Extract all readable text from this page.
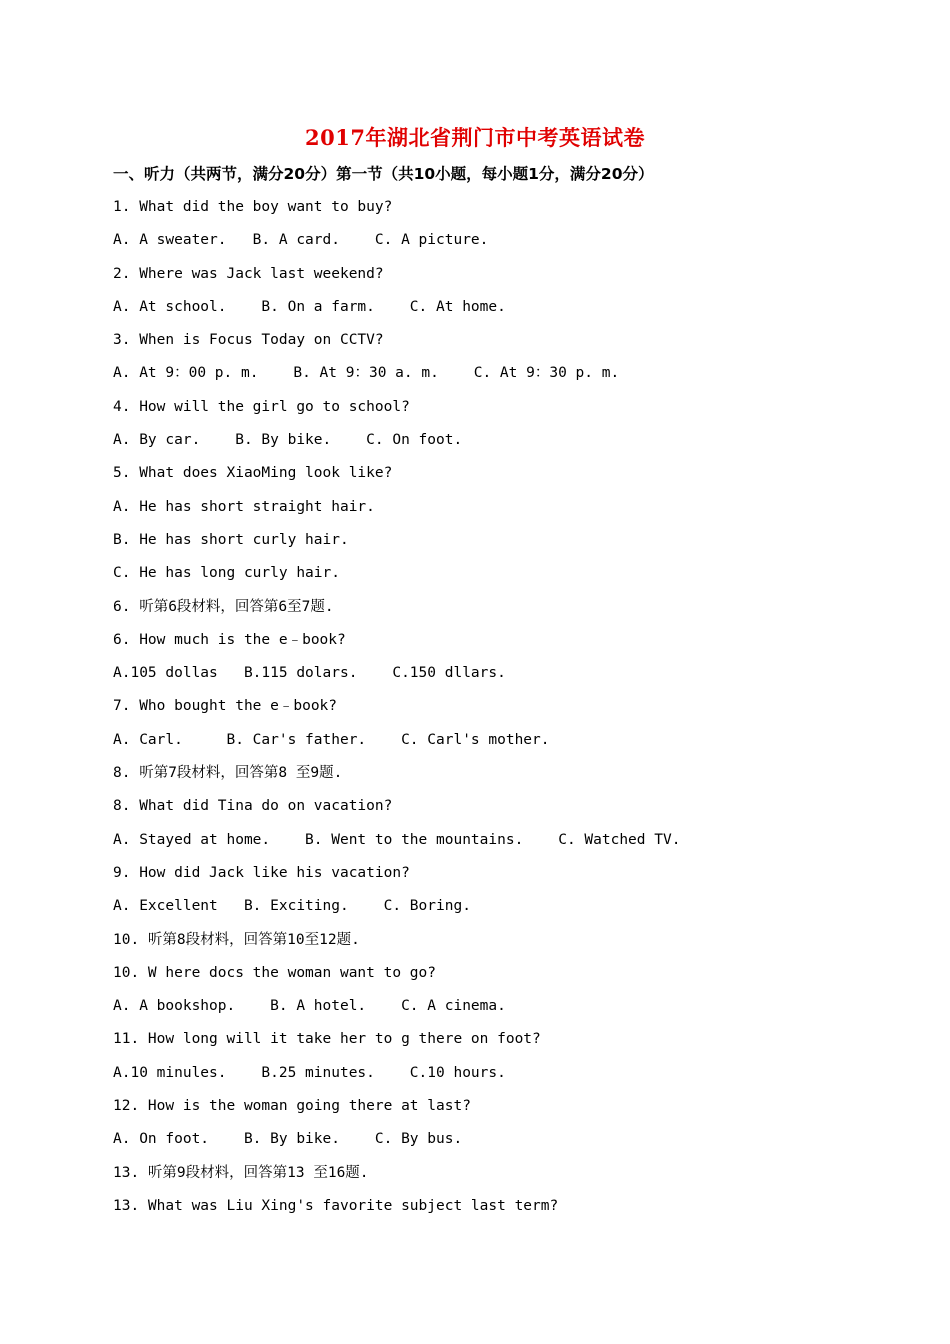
2017年湖北省荆门市中考英语试卷
一、听力（共两节，满分20分）第一节（共10小题，每小题1分，满分20分）
1. What did the boy want to buy?
A. A sweater.   B. A card.    C. A picture.
2. Where was Jack last weekend?
A. At school.    B. On a farm.    C. At home.
3. When is Focus Today on CCTV?
A. At 9：00 p. m.    B. At 9：30 a. m.    C. At 9：30 p. m.
4. How will the girl go to school?
A. By car.    B. By bike.    C. On foot.
5. What does XiaoMing look like?
A. He has short straight hair.
B. He has short curly hair.
C. He has long curly hair.
6. 听第6段材料，回答第6至7题.
6. How much is the e﹣book?
A.105 dollas   B.115 dolars.    C.150 dllars.
7. Who bought the e﹣book?
A. Carl.     B. Car's father.    C. Carl's mother.
8. 听第7段材料，回答第8 至9题.
8. What did Tina do on vacation?
A. Stayed at home.    B. Went to the mountains.    C. Watched TV.
9. How did Jack like his vacation?
A. Excellent   B. Exciting.    C. Boring.
10. 听第8段材料，回答第10至12题.
10. W here docs the woman want to go?
A. A bookshop.    B. A hotel.    C. A cinema.
11. How long will it take her to g there on foot?
A.10 minules.    B.25 minutes.    C.10 hours.
12. How is the woman going there at last?
A. On foot.    B. By bike.    C. By bus.
13. 听第9段材料，回答第13 至16题.
13. What was Liu Xing's favorite subject last term?
